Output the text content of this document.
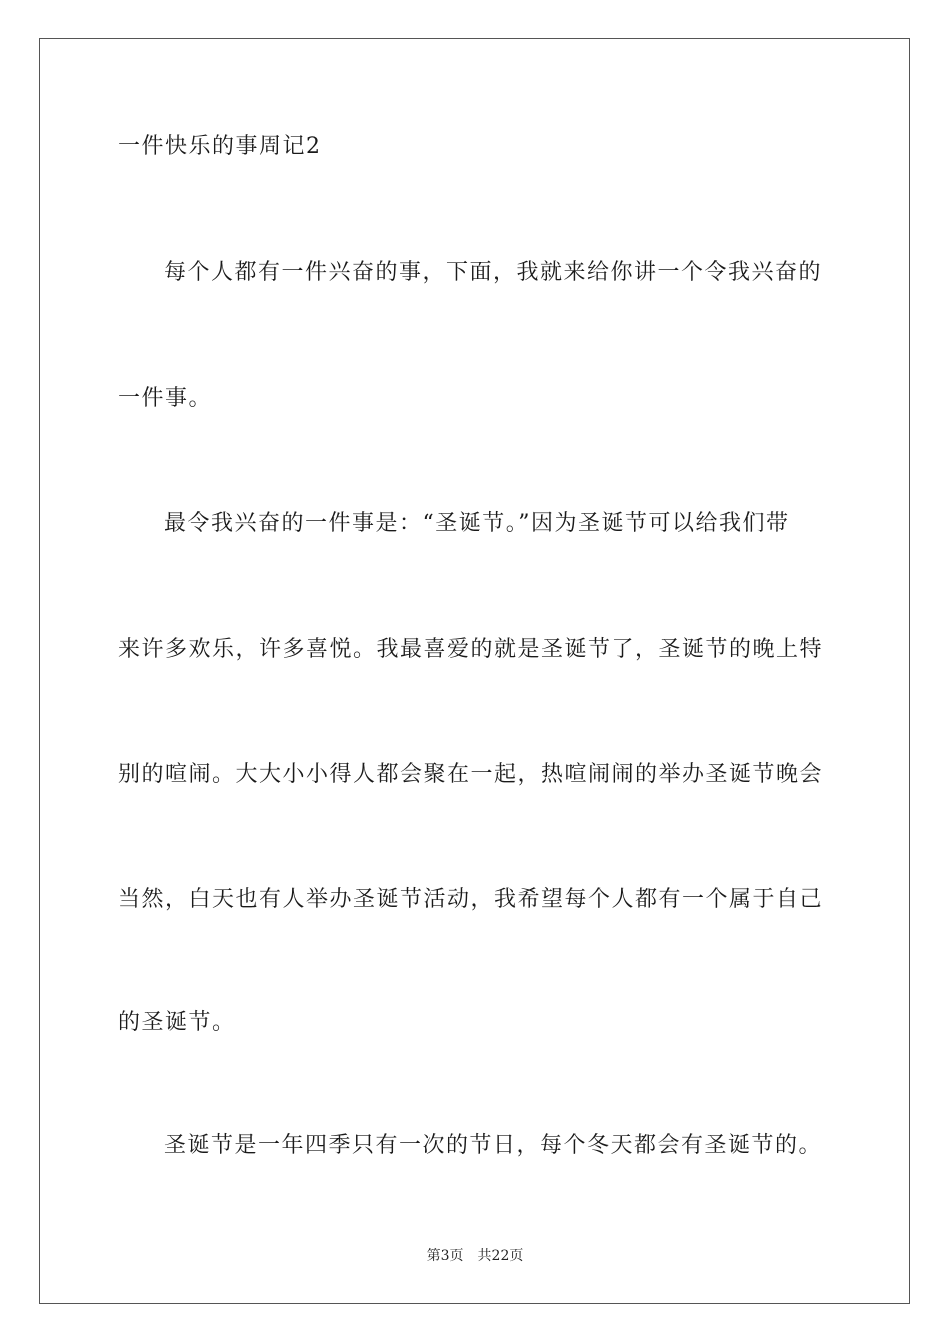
一件快乐的事周记2
每个人都有一件兴奋的事，下面，我就来给你讲一个令我兴奋的
一件事。
最令我兴奋的一件事是：“圣诞节。”因为圣诞节可以给我们带
来许多欢乐，许多喜悦。我最喜爱的就是圣诞节了，圣诞节的晚上特
别的喧闹。大大小小得人都会聚在一起，热喧闹闹的举办圣诞节晚会
当然，白天也有人举办圣诞节活动，我希望每个人都有一个属于自己
的圣诞节。
圣诞节是一年四季只有一次的节日，每个冬天都会有圣诞节的。
第3页 共22页
